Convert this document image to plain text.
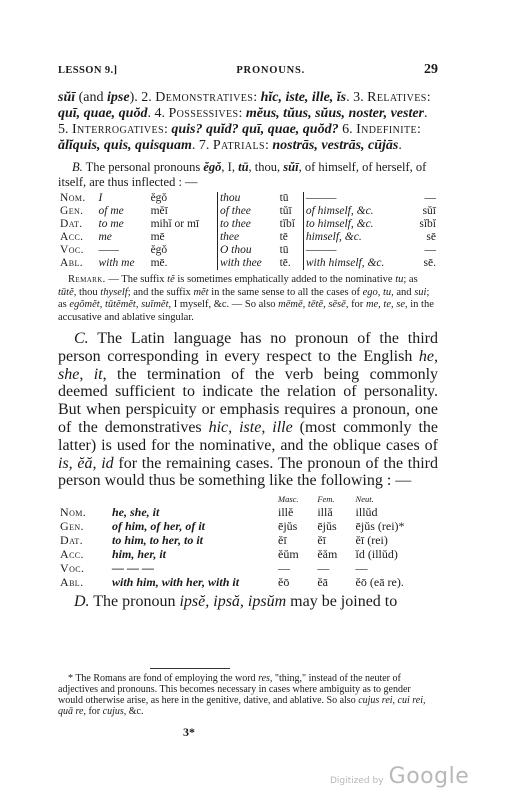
LESSON 9.]	PRONOUNS.	29
sŭī (and ipse). 2. Demonstratives: hĭc, iste, ille, ĭs. 3. Relatives: quī, quae, quŏd. 4. Possessives: mĕus, tŭus, sŭus, noster, vester. 5. Interrogatives: quis? quĭd? quī, quae, quŏd? 6. Indefinite: ălĭquis, quis, quisquam. 7. Patrials: nostrās, vestrās, cūjās.
B. The personal pronouns ĕgŏ, I, tū, thou, sŭī, of himself, of herself, of itself, are thus inflected : —
Nom.	I	ĕgŏ	thou	tū	———	—
Gen.	of me	mĕī	of thee	tŭī	of himself, &c.	sŭī
Dat.	to me	mihĭ or mī	to thee	tĭbĭ	to himself, &c.	sĭbĭ
Acc.	me	mē	thee	tē	himself, &c.	sē
Voc.	——	ĕgŏ	O thou	tū	———	—
Abl.	with me	mē.	with thee	tē.	with himself, &c.	sē.
Remark. — The suffix tĕ is sometimes emphatically added to the nominative tu; as tūtĕ, thou thyself; and the suffix mĕt in the same sense to all the cases of ego, tu, and sui; as egŏmĕt, tūtĕmĕt, suīmĕt, I myself, &c. — So also mēmē, tētē, sēsē, for me, te, se, in the accusative and ablative singular.
C. The Latin language has no pronoun of the third person corresponding in every respect to the English he, she, it, the termination of the verb being commonly deemed sufficient to indicate the relation of personality. But when perspicuity or emphasis requires a pronoun, one of the demonstratives hic, iste, ille (most commonly the latter) is used for the nominative, and the oblique cases of is, ĕă, id for the remaining cases. The pronoun of the third person would thus be something like the following : —
		Masc.	Fem.	Neut.
Nom.	he, she, it	illĕ	illă	illŭd
Gen.	of him, of her, of it	ējŭs	ējŭs	ējŭs (rei)*
Dat.	to him, to her, to it	ĕī	ĕī	ĕī (rei)
Acc.	him, her, it	ĕŭm	ĕăm	ĭd (illŭd)
Voc.	— — —	—	—	—
Abl.	with him, with her, with it	ĕō	ĕā	ĕō (eā re).
D. The pronoun ipsĕ, ipsă, ipsŭm may be joined to
* The Romans are fond of employing the word res, "thing," instead of the neuter of adjectives and pronouns. This becomes necessary in cases where ambiguity as to gender would otherwise arise, as here in the genitive, dative, and ablative. So also cujus rei, cui rei, quā re, for cujus, &c.
3*
Digitized by Google
